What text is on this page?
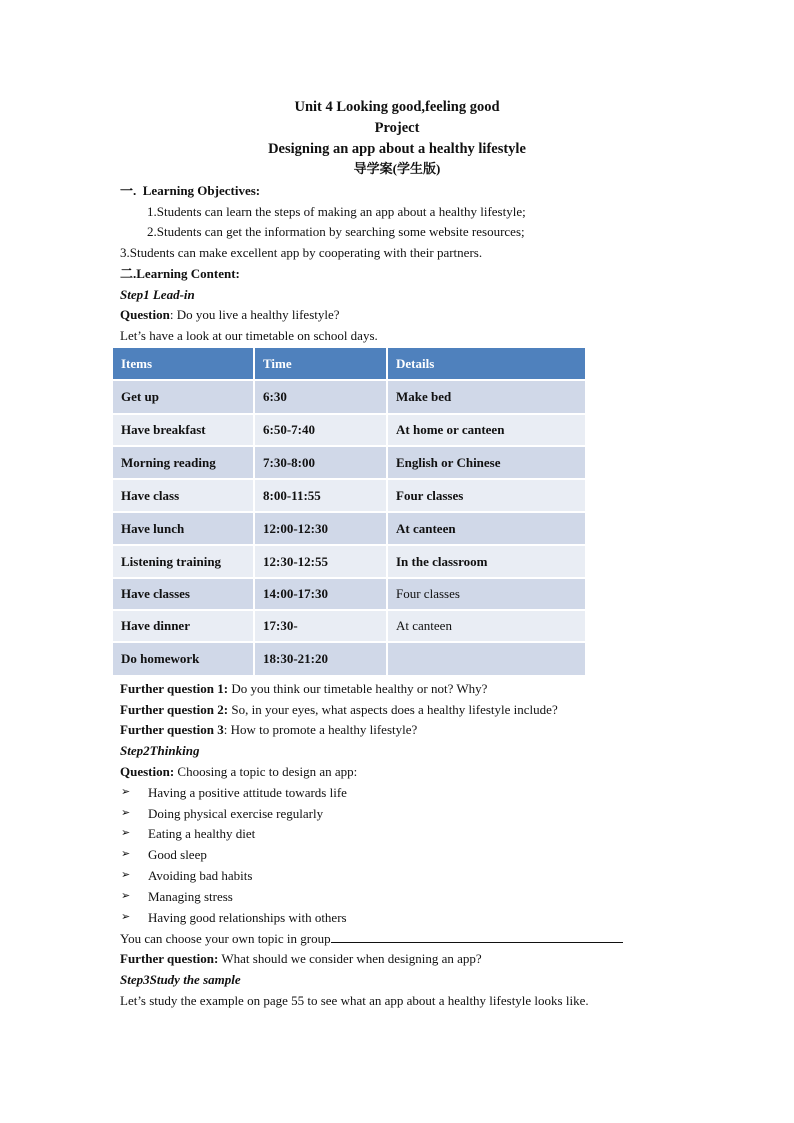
Unit 4 Looking good,feeling good
Project
Designing an app about a healthy lifestyle
导学案(学生版)
一. Learning Objectives:
1.Students can learn the steps of making an app about a healthy lifestyle;
2.Students can get the information by searching some website resources;
3.Students can make excellent app by cooperating with their partners.
二.Learning Content:
Step1 Lead-in
Question: Do you live a healthy lifestyle?
Let’s have a look at our timetable on school days.
Items	Time	Details
Get up	6:30	Make bed
Have breakfast	6:50-7:40	At home or canteen
Morning reading	7:30-8:00	English or Chinese
Have class	8:00-11:55	Four classes
Have lunch	12:00-12:30	At canteen
Listening training	12:30-12:55	In the classroom
Have classes	14:00-17:30	Four classes
Have dinner	17:30-	At canteen
Do homework	18:30-21:20	
Further question 1: Do you think our timetable healthy or not? Why?
Further question 2: So, in your eyes, what aspects does a healthy lifestyle include?
Further question 3: How to promote a healthy lifestyle?
Step2Thinking
Question: Choosing a topic to design an app:
➢ Having a positive attitude towards life
➢ Doing physical exercise regularly
➢ Eating a healthy diet
➢ Good sleep
➢ Avoiding bad habits
➢ Managing stress
➢ Having good relationships with others
You can choose your own topic in group
Further question: What should we consider when designing an app?
Step3Study the sample
Let’s study the example on page 55 to see what an app about a healthy lifestyle looks like.
